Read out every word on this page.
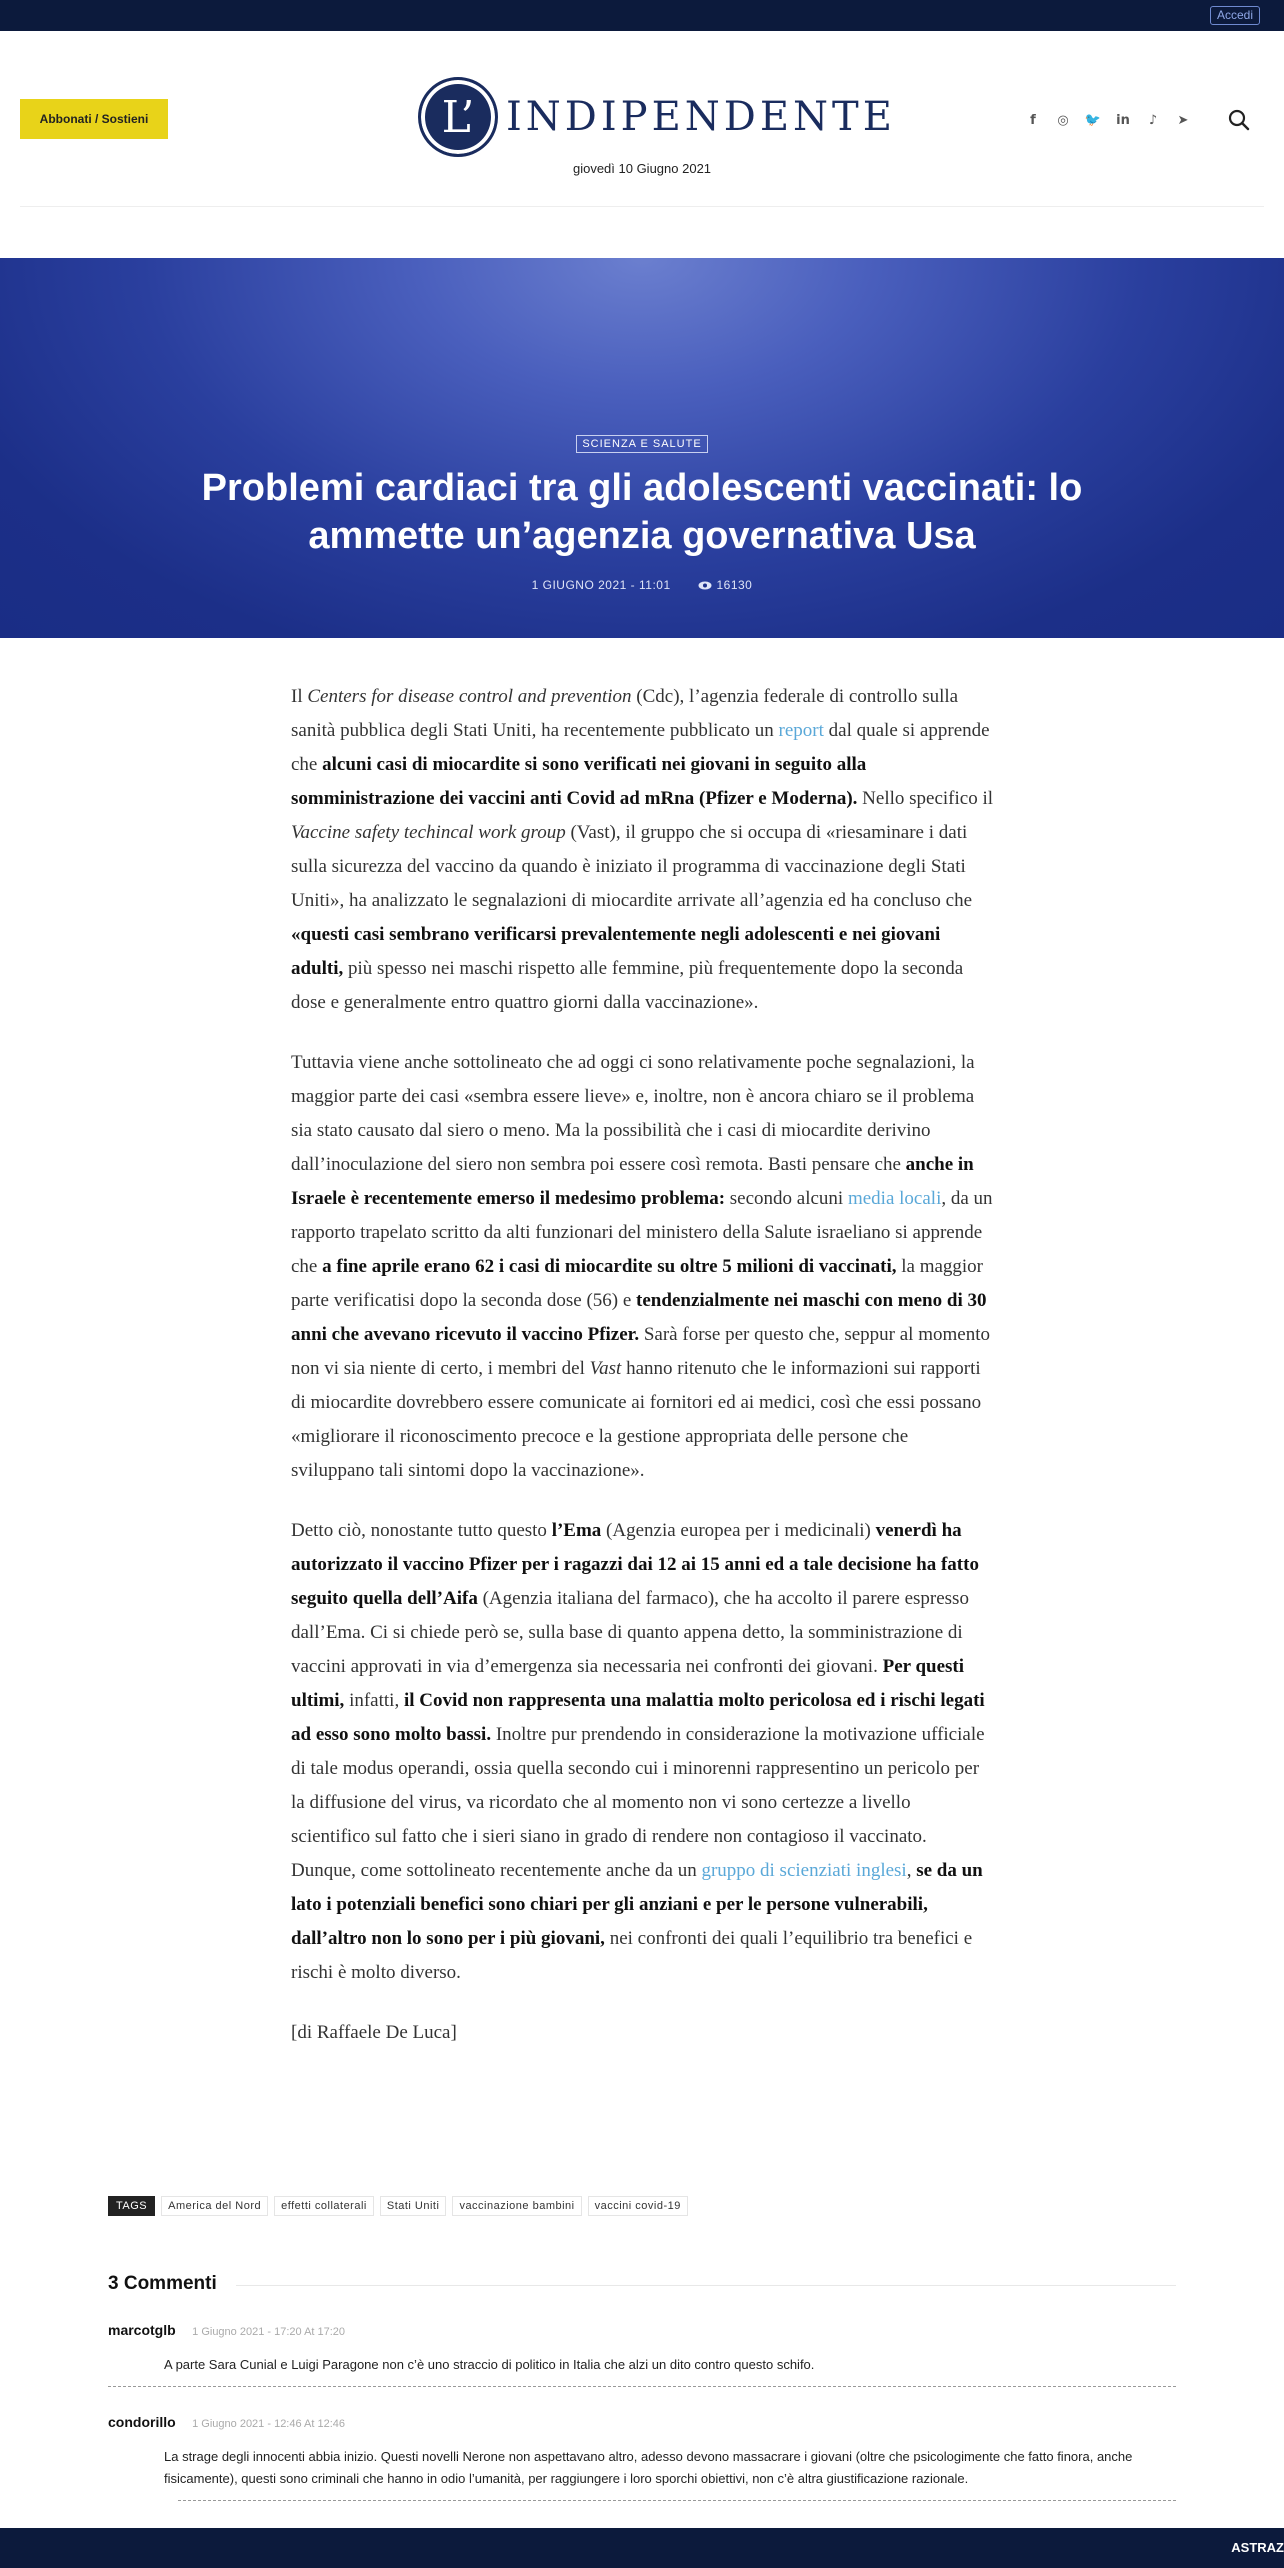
Accedi
Abbonati / Sostieni	L’ INDIPENDENTE
giovedì 10 Giugno 2021
f	◎ 🐦 in	♪	➤
SCIENZA E SALUTE
Problemi cardiaci tra gli adolescenti vaccinati: lo ammette un’agenzia governativa Usa
1 GIUGNO 2021 - 11:01	16130

Il Centers for disease control and prevention (Cdc), l’agenzia federale di controllo sulla sanità pubblica degli Stati Uniti, ha recentemente pubblicato un report dal quale si apprende che alcuni casi di miocardite si sono verificati nei giovani in seguito alla somministrazione dei vaccini anti Covid ad mRna (Pfizer e Moderna). Nello specifico il Vaccine safety techincal work group (Vast), il gruppo che si occupa di «riesaminare i dati sulla sicurezza del vaccino da quando è iniziato il programma di vaccinazione degli Stati Uniti», ha analizzato le segnalazioni di miocardite arrivate all’agenzia ed ha concluso che «questi casi sembrano verificarsi prevalentemente negli adolescenti e nei giovani adulti, più spesso nei maschi rispetto alle femmine, più frequentemente dopo la seconda dose e generalmente entro quattro giorni dalla vaccinazione».

Tuttavia viene anche sottolineato che ad oggi ci sono relativamente poche segnalazioni, la maggior parte dei casi «sembra essere lieve» e, inoltre, non è ancora chiaro se il problema sia stato causato dal siero o meno. Ma la possibilità che i casi di miocardite derivino dall’inoculazione del siero non sembra poi essere così remota. Basti pensare che anche in Israele è recentemente emerso il medesimo problema: secondo alcuni media locali, da un rapporto trapelato scritto da alti funzionari del ministero della Salute israeliano si apprende che a fine aprile erano 62 i casi di miocardite su oltre 5 milioni di vaccinati, la maggior parte verificatisi dopo la seconda dose (56) e tendenzialmente nei maschi con meno di 30 anni che avevano ricevuto il vaccino Pfizer. Sarà forse per questo che, seppur al momento non vi sia niente di certo, i membri del Vast hanno ritenuto che le informazioni sui rapporti di miocardite dovrebbero essere comunicate ai fornitori ed ai medici, così che essi possano «migliorare il riconoscimento precoce e la gestione appropriata delle persone che sviluppano tali sintomi dopo la vaccinazione».

Detto ciò, nonostante tutto questo l’Ema (Agenzia europea per i medicinali) venerdì ha autorizzato il vaccino Pfizer per i ragazzi dai 12 ai 15 anni ed a tale decisione ha fatto seguito quella dell’Aifa (Agenzia italiana del farmaco), che ha accolto il parere espresso dall’Ema. Ci si chiede però se, sulla base di quanto appena detto, la somministrazione di vaccini approvati in via d’emergenza sia necessaria nei confronti dei giovani. Per questi ultimi, infatti, il Covid non rappresenta una malattia molto pericolosa ed i rischi legati ad esso sono molto bassi. Inoltre pur prendendo in considerazione la motivazione ufficiale di tale modus operandi, ossia quella secondo cui i minorenni rappresentino un pericolo per la diffusione del virus, va ricordato che al momento non vi sono certezze a livello scientifico sul fatto che i sieri siano in grado di rendere non contagioso il vaccinato. Dunque, come sottolineato recentemente anche da un gruppo di scienziati inglesi, se da un lato i potenziali benefici sono chiari per gli anziani e per le persone vulnerabili, dall’altro non lo sono per i più giovani, nei confronti dei quali l’equilibrio tra benefici e rischi è molto diverso.

[di Raffaele De Luca]

TAGS	America del Nord	effetti collaterali	Stati Uniti	vaccinazione bambini	vaccini covid-19
3 Commenti
marcotglb 1 Giugno 2021 - 17:20 At 17:20
A parte Sara Cunial e Luigi Paragone non c’è uno straccio di politico in Italia che alzi un dito contro questo schifo.
condorillo 1 Giugno 2021 - 12:46 At 12:46
La strage degli innocenti abbia inizio. Questi novelli Nerone non aspettavano altro, adesso devono massacrare i giovani (oltre che psicologimente che fatto finora, anche fisicamente), questi sono criminali che hanno in odio l’umanità, per raggiungere i loro sporchi obiettivi, non c’è altra giustificazione razionale.
ASTRAZ
